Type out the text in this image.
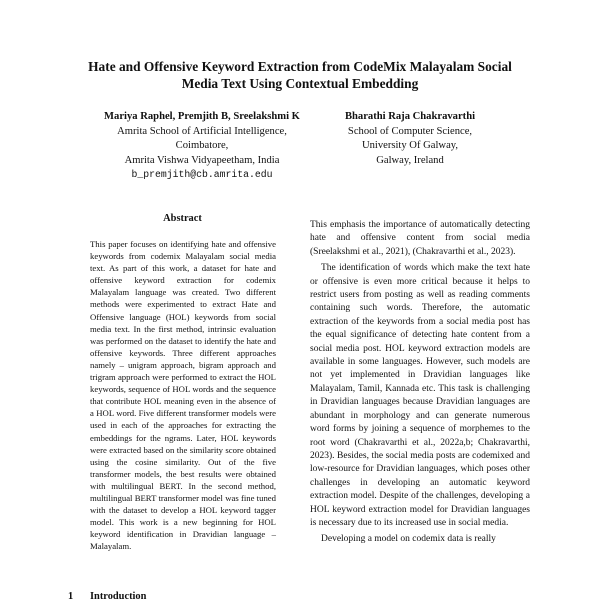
Hate and Offensive Keyword Extraction from CodeMix Malayalam Social
Media Text Using Contextual Embedding
Mariya Raphel, Premjith B, Sreelakshmi K
Amrita School of Artificial Intelligence,
Coimbatore,
Amrita Vishwa Vidyapeetham, India
b_premjith@cb.amrita.edu
Bharathi Raja Chakravarthi
School of Computer Science,
University Of Galway,
Galway, Ireland
Abstract
This paper focuses on identifying hate and offensive keywords from codemix Malayalam social media text. As part of this work, a dataset for hate and offensive keyword extraction for codemix Malayalam language was created. Two different methods were experimented to extract Hate and Offensive language (HOL) keywords from social media text. In the first method, intrinsic evaluation was performed on the dataset to identify the hate and offensive keywords. Three different approaches namely – unigram approach, bigram approach and trigram approach were performed to extract the HOL keywords, sequence of HOL words and the sequence that contribute HOL meaning even in the absence of a HOL word. Five different transformer models were used in each of the approaches for extracting the embeddings for the ngrams. Later, HOL keywords were extracted based on the similarity score obtained using the cosine similarity. Out of the five transformer models, the best results were obtained with multilingual BERT. In the second method, multilingual BERT transformer model was fine tuned with the dataset to develop a HOL keyword tagger model. This work is a new beginning for HOL keyword identification in Dravidian language – Malayalam.
1 Introduction

This emphasis the importance of automatically detecting hate and offensive content from social media (Sreelakshmi et al., 2021), (Chakravarthi et al., 2023).

The identification of words which make the text hate or offensive is even more critical because it helps to restrict users from posting as well as reading comments containing such words. Therefore, the automatic extraction of the keywords from a social media post has the equal significance of detecting hate content from a social media post. HOL keyword extraction models are available in some languages. However, such models are not yet implemented in Dravidian languages like Malayalam, Tamil, Kannada etc. This task is challenging in Dravidian languages because Dravidian languages are abundant in morphology and can generate numerous word forms by joining a sequence of morphemes to the root word (Chakravarthi et al., 2022a,b; Chakravarthi, 2023). Besides, the social media posts are codemixed and low-resource for Dravidian languages, which poses other challenges in developing an automatic keyword extraction model. Despite of the challenges, developing a HOL keyword extraction model for Dravidian languages is necessary due to its increased use in social media.

Developing a model on codemix data is really
